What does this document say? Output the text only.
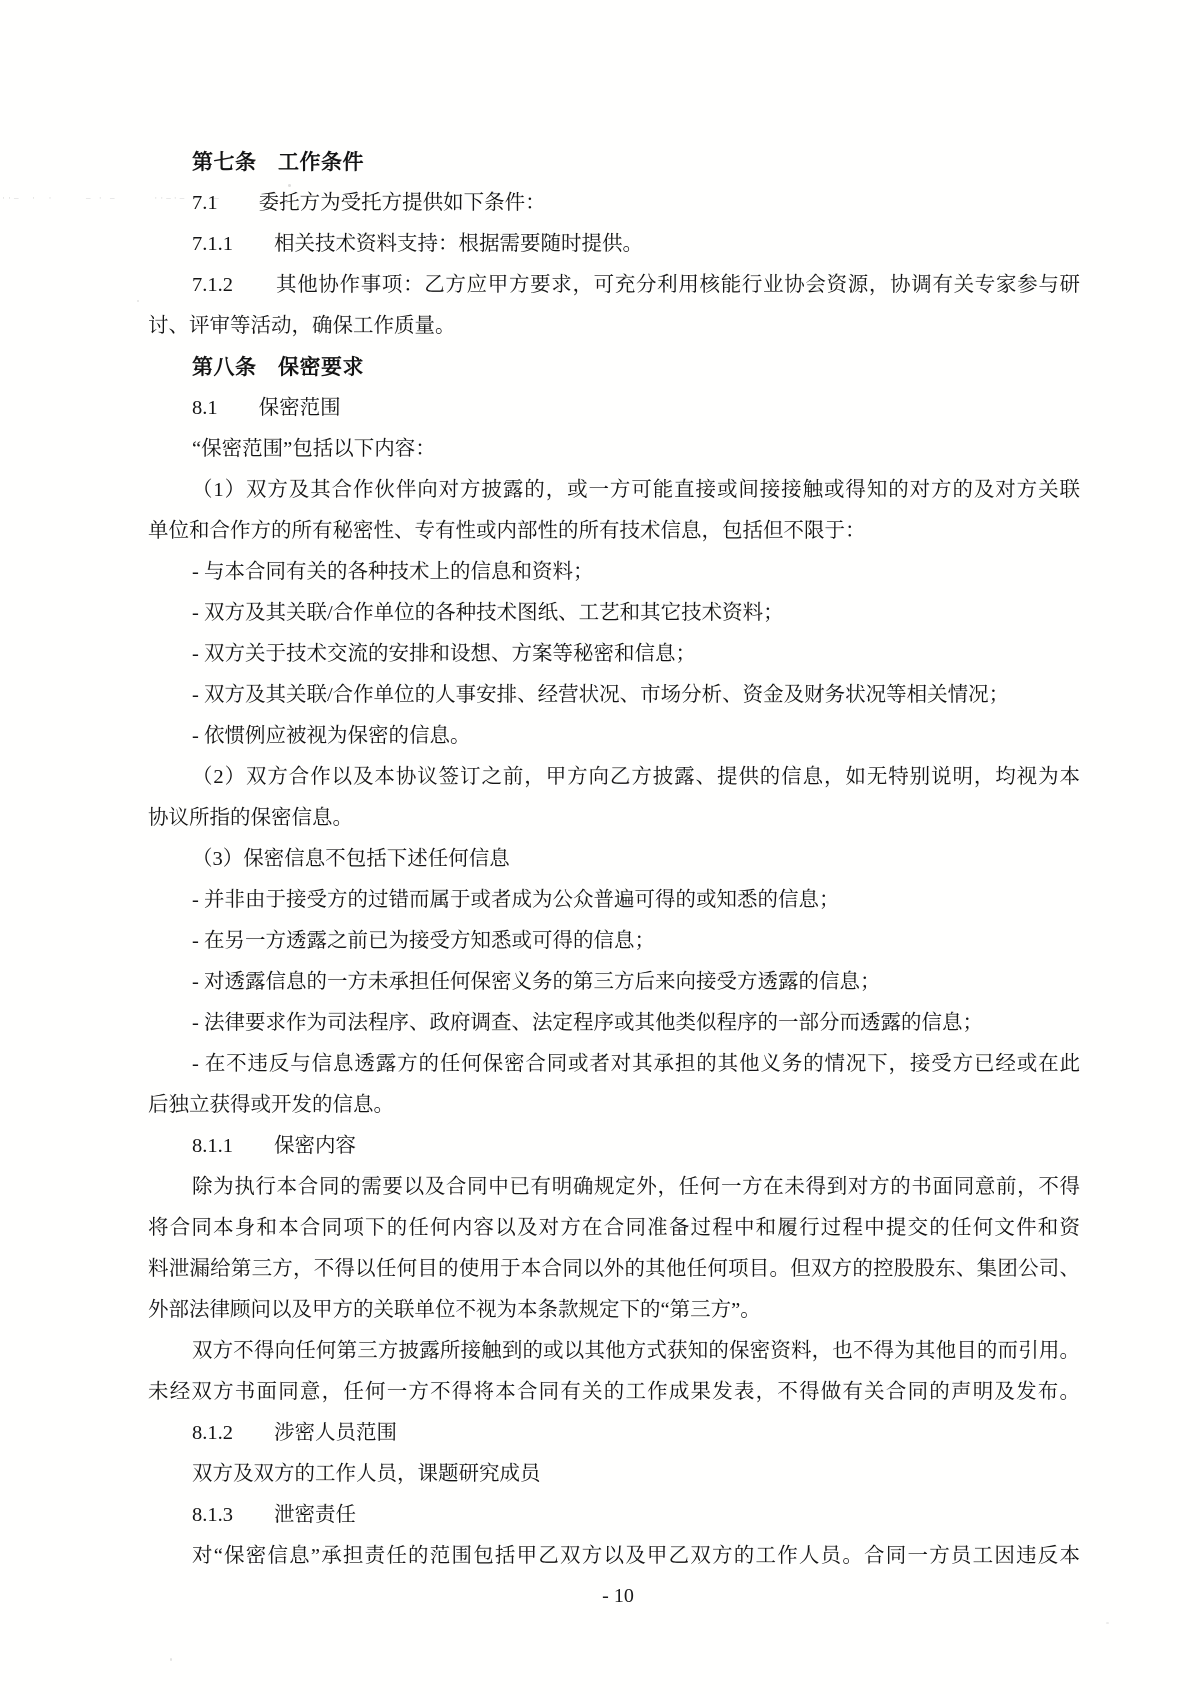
··–  ·  ·      – · –       ··–·– ·   –
第七条　工作条件
7.1　　委托方为受托方提供如下条件：
7.1.1　　相关技术资料支持：根据需要随时提供。
7.1.2　　其他协作事项：乙方应甲方要求，可充分利用核能行业协会资源，协调有关专家参与研
讨、评审等活动，确保工作质量。
第八条　保密要求
8.1　　保密范围
“保密范围”包括以下内容：
（1）双方及其合作伙伴向对方披露的，或一方可能直接或间接接触或得知的对方的及对方关联
单位和合作方的所有秘密性、专有性或内部性的所有技术信息，包括但不限于：
- 与本合同有关的各种技术上的信息和资料；
- 双方及其关联/合作单位的各种技术图纸、工艺和其它技术资料；
- 双方关于技术交流的安排和设想、方案等秘密和信息；
- 双方及其关联/合作单位的人事安排、经营状况、市场分析、资金及财务状况等相关情况；
- 依惯例应被视为保密的信息。
（2）双方合作以及本协议签订之前，甲方向乙方披露、提供的信息，如无特别说明，均视为本
协议所指的保密信息。
（3）保密信息不包括下述任何信息
- 并非由于接受方的过错而属于或者成为公众普遍可得的或知悉的信息；
- 在另一方透露之前已为接受方知悉或可得的信息；
- 对透露信息的一方未承担任何保密义务的第三方后来向接受方透露的信息；
- 法律要求作为司法程序、政府调查、法定程序或其他类似程序的一部分而透露的信息；
- 在不违反与信息透露方的任何保密合同或者对其承担的其他义务的情况下，接受方已经或在此
后独立获得或开发的信息。
8.1.1　　保密内容
除为执行本合同的需要以及合同中已有明确规定外，任何一方在未得到对方的书面同意前，不得
将合同本身和本合同项下的任何内容以及对方在合同准备过程中和履行过程中提交的任何文件和资
料泄漏给第三方，不得以任何目的使用于本合同以外的其他任何项目。但双方的控股股东、集团公司、
外部法律顾问以及甲方的关联单位不视为本条款规定下的“第三方”。
双方不得向任何第三方披露所接触到的或以其他方式获知的保密资料，也不得为其他目的而引用。
未经双方书面同意，任何一方不得将本合同有关的工作成果发表，不得做有关合同的声明及发布。
8.1.2　　涉密人员范围
双方及双方的工作人员，课题研究成员
8.1.3　　泄密责任
对“保密信息”承担责任的范围包括甲乙双方以及甲乙双方的工作人员。合同一方员工因违反本
- 10
